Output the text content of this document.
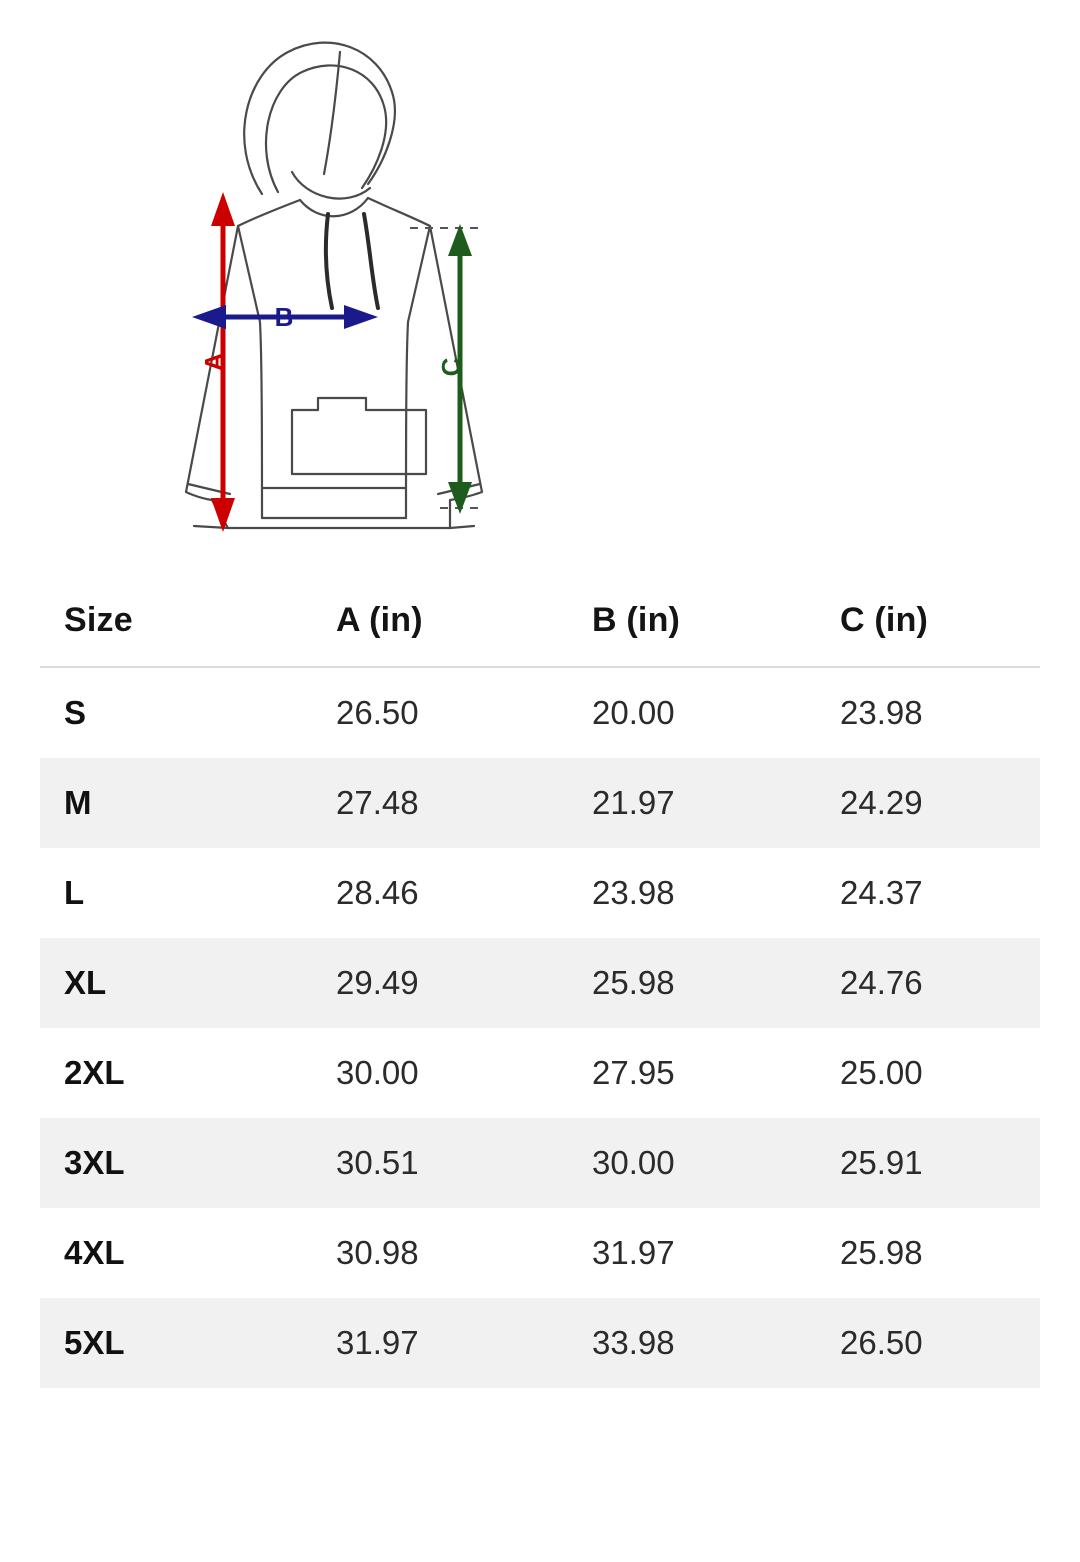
A
B
C
Size	A (in)	B (in)	C (in)
S	26.50	20.00	23.98
M	27.48	21.97	24.29
L	28.46	23.98	24.37
XL	29.49	25.98	24.76
2XL	30.00	27.95	25.00
3XL	30.51	30.00	25.91
4XL	30.98	31.97	25.98
5XL	31.97	33.98	26.50
